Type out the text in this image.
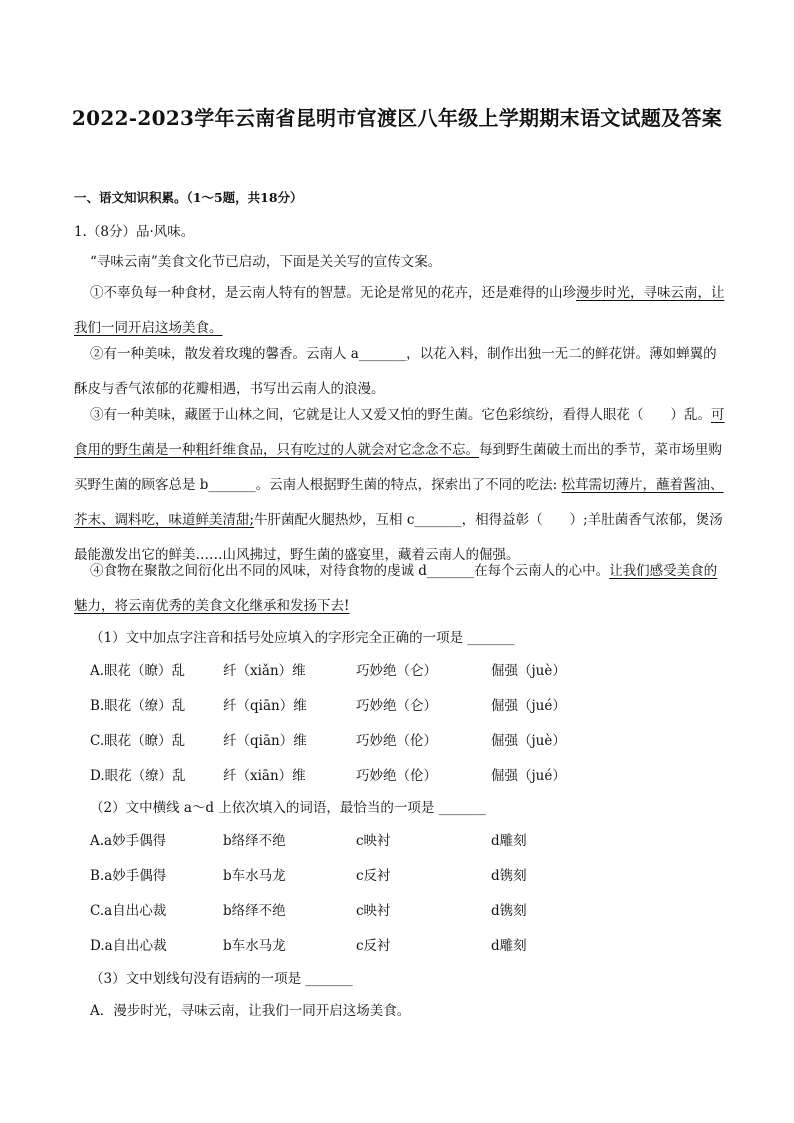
2022-2023学年云南省昆明市官渡区八年级上学期期末语文试题及答案
一、语文知识积累。（1～5题，共18分）
1.（8分）品·风味。
“寻味云南”美食文化节已启动，下面是关关写的宣传文案。
①不辜负每一种食材，是云南人特有的智慧。无论是常见的花卉，还是难得的山珍漫步时光，寻味云南，让我们一同开启这场美食。
②有一种美味，散发着玫瑰的馨香。云南人 a_______，以花入料，制作出独一无二的鲜花饼。薄如蝉翼的酥皮与香气浓郁的花瓣相遇，书写出云南人的浪漫。
③有一种美味，藏匿于山林之间，它就是让人又爱又怕的野生菌。它色彩缤纷，看得人眼花（　　）乱。可食用的野生菌是一种粗纤维食品，只有吃过的人就会对它念念不忘。每到野生菌破土而出的季节，菜市场里购买野生菌的顾客总是 b_______。云南人根据野生菌的特点，探索出了不同的吃法: 松茸需切薄片，蘸着酱油、芥末、调料吃，味道鲜美清甜;牛肝菌配火腿热炒，互相 c_______，相得益彰（　　）;羊肚菌香气浓郁，煲汤最能激发出它的鲜美……山风拂过，野生菌的盛宴里，藏着云南人的倔强。
④食物在聚散之间衍化出不同的风味，对待食物的虔诚 d_______在每个云南人的心中。让我们感受美食的魅力，将云南优秀的美食文化继承和发扬下去!
（1）文中加点字注音和括号处应填入的字形完全正确的一项是 _______
A.眼花（瞭）乱	纤（xiǎn）维	巧妙绝（仑）	倔强（juè）
B.眼花（缭）乱	纤（qiān）维	巧妙绝（仑）	倔强（jué）
C.眼花（瞭）乱	纤（qiān）维	巧妙绝（伦）	倔强（juè）
D.眼花（缭）乱	纤（xiān）维	巧妙绝（伦）	倔强（jué）
（2）文中横线 a～d 上依次填入的词语，最恰当的一项是 _______
A.a妙手偶得	b络绎不绝	c映衬	d雕刻
B.a妙手偶得	b车水马龙	c反衬	d镌刻
C.a自出心裁	b络绎不绝	c映衬	d镌刻
D.a自出心裁	b车水马龙	c反衬	d雕刻
（3）文中划线句没有语病的一项是 _______
A．漫步时光，寻味云南，让我们一同开启这场美食。
